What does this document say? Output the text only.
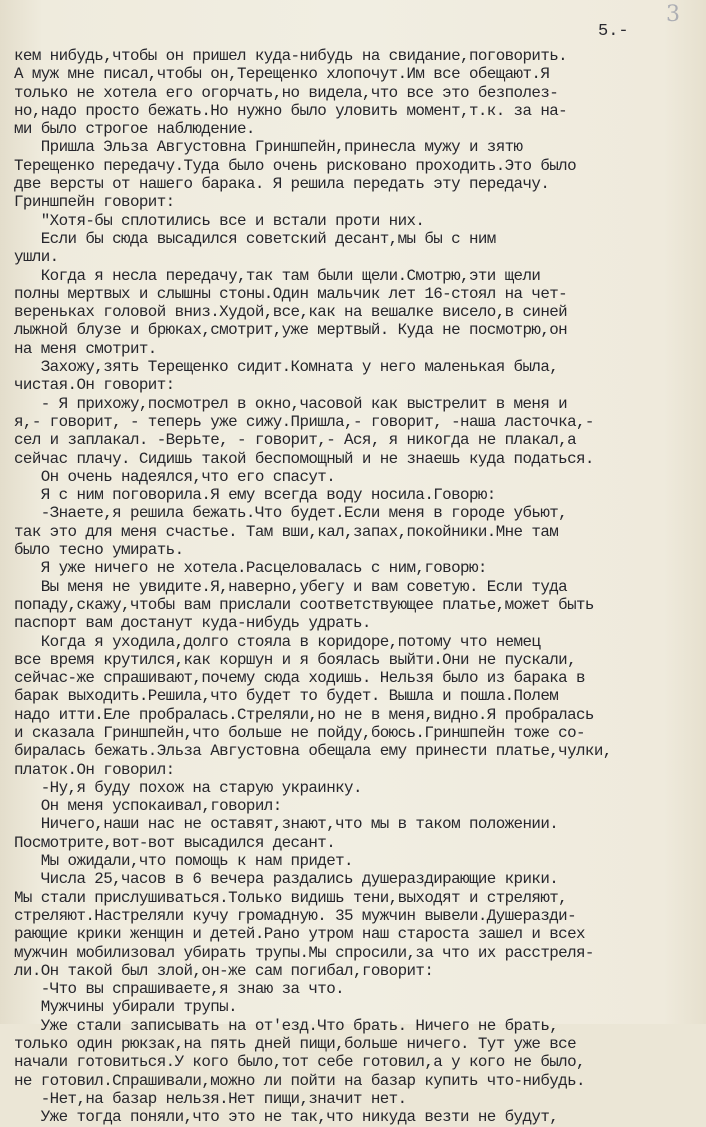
3
5.-
кем нибудь,чтобы он пришел куда-нибудь на свидание,поговорить.
А муж мне писал,чтобы он,Терещенко хлопочут.Им все обещают.Я
только не хотела его огорчать,но видела,что все это безполез-
но,надо просто бежать.Но нужно было уловить момент,т.к. за на-
ми было строгое наблюдение.
Пришла Эльза Августовна Гриншпейн,принесла мужу и зятю
Терещенко передачу.Туда было очень рисковано проходить.Это было
две версты от нашего барака. Я решила передать эту передачу.
Гриншпейн говорит:
"Хотя-бы сплотились все и встали проти них.
Если бы сюда высадился советский десант,мы бы с ним
ушли.
Когда я несла передачу,так там были щели.Смотрю,эти щели
полны мертвых и слышны стоны.Один мальчик лет 16-стоял на чет-
вереньках головой вниз.Худой,все,как на вешалке висело,в синей
лыжной блузе и брюках,смотрит,уже мертвый. Куда не посмотрю,он
на меня смотрит.
Захожу,зять Терещенко сидит.Комната у него маленькая была,
чистая.Он говорит:
- Я прихожу,посмотрел в окно,часовой как выстрелит в меня и
я,- говорит, - теперь уже сижу.Пришла,- говорит, -наша ласточка,-
сел и заплакал. -Верьте, - говорит,- Ася, я никогда не плакал,а
сейчас плачу. Сидишь такой беспомощный и не знаешь куда податься.
Он очень надеялся,что его спасут.
Я с ним поговорила.Я ему всегда воду носила.Говорю:
-Знаете,я решила бежать.Что будет.Если меня в городе убьют,
так это для меня счастье. Там вши,кал,запах,покойники.Мне там
было тесно умирать.
Я уже ничего не хотела.Расцеловалась с ним,говорю:
Вы меня не увидите.Я,наверно,убегу и вам советую. Если туда
попаду,скажу,чтобы вам прислали соответствующее платье,может быть
паспорт вам достанут куда-нибудь удрать.
Когда я уходила,долго стояла в коридоре,потому что немец
все время крутился,как коршун и я боялась выйти.Они не пускали,
сейчас-же спрашивают,почему сюда ходишь. Нельзя было из барака в
барак выходить.Решила,что будет то будет. Вышла и пошла.Полем
надо итти.Еле пробралась.Стреляли,но не в меня,видно.Я пробралась
и сказала Гриншпейн,что больше не пойду,боюсь.Гриншпейн тоже со-
биралась бежать.Эльза Августовна обещала ему принести платье,чулки,
платок.Он говорил:
-Ну,я буду похож на старую украинку.
Он меня успокаивал,говорил:
Ничего,наши нас не оставят,знают,что мы в таком положении.
Посмотрите,вот-вот высадился десант.
Мы ожидали,что помощь к нам придет.
Числа 25,часов в 6 вечера раздались душераздирающие крики.
Мы стали прислушиваться.Только видишь тени,выходят и стреляют,
стреляют.Настреляли кучу громадную. 35 мужчин вывели.Душеразди-
рающие крики женщин и детей.Рано утром наш староста зашел и всех
мужчин мобилизовал убирать трупы.Мы спросили,за что их расстреля-
ли.Он такой был злой,он-же сам погибал,говорит:
-Что вы спрашиваете,я знаю за что.
Мужчины убирали трупы.
Уже стали записывать на от'езд.Что брать. Ничего не брать,
только один рюкзак,на пять дней пищи,больше ничего. Тут уже все
начали готовиться.У кого было,тот себе готовил,а у кого не было,
не готовил.Спрашивали,можно ли пойти на базар купить что-нибудь.
-Нет,на базар нельзя.Нет пищи,значит нет.
Уже тогда поняли,что это не так,что никуда везти не будут,
